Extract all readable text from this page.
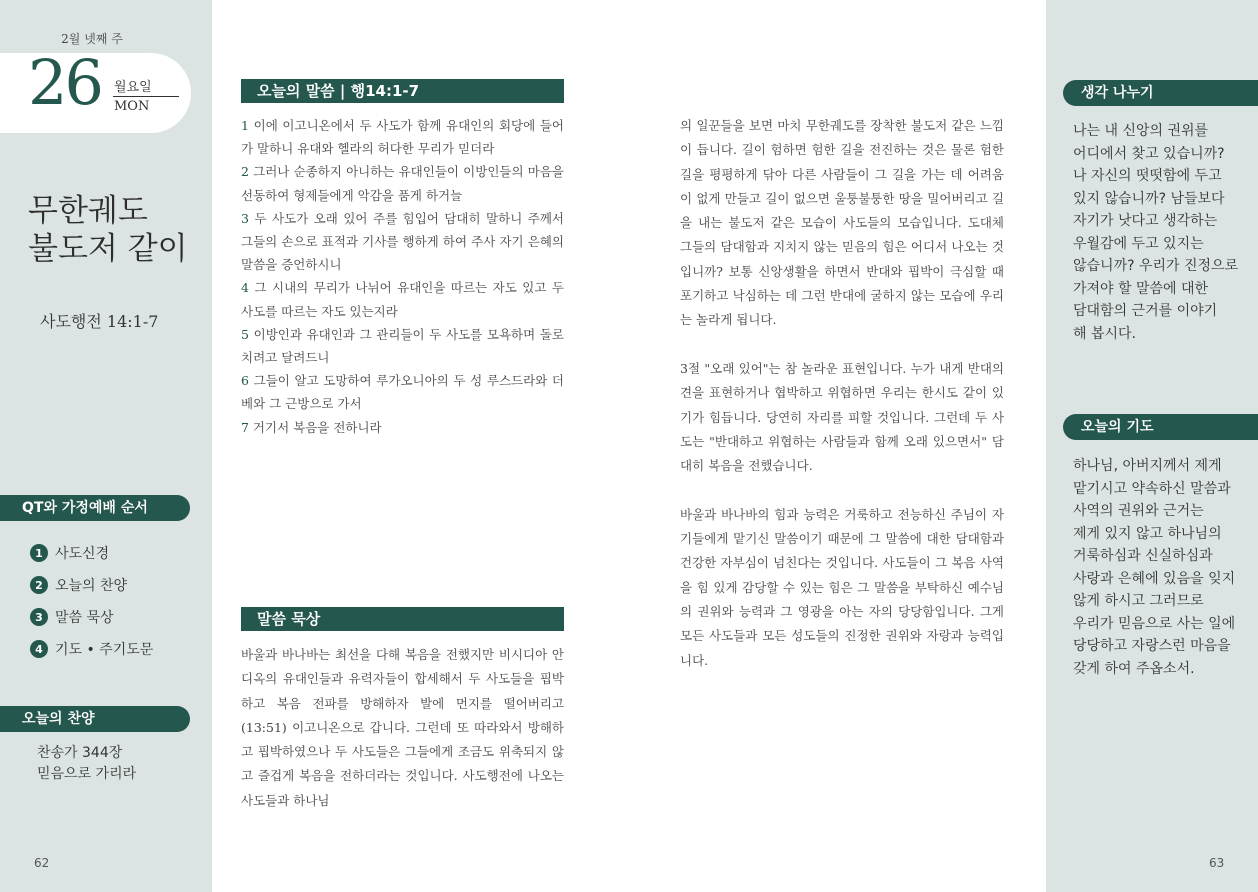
2월 넷째 주
26 월요일
MON
무한궤도
불도저 같이
사도행전 14:1-7
QT와 가정예배 순서
1 사도신경
2 오늘의 찬양
3 말씀 묵상
4 기도 • 주기도문
오늘의 찬양
찬송가 344장
믿음으로 가리라
62
오늘의 말씀 | 행14:1-7
1 이에 이고니온에서 두 사도가 함께 유대인의 회당에 들어가 말하니 유대와 헬라의 허다한 무리가 믿더라
2 그러나 순종하지 아니하는 유대인들이 이방인들의 마음을 선동하여 형제들에게 악감을 품게 하거늘
3 두 사도가 오래 있어 주를 힘입어 담대히 말하니 주께서 그들의 손으로 표적과 기사를 행하게 하여 주사 자기 은혜의 말씀을 증언하시니
4 그 시내의 무리가 나뉘어 유대인을 따르는 자도 있고 두 사도를 따르는 자도 있는지라
5 이방인과 유대인과 그 관리들이 두 사도를 모욕하며 돌로 치려고 달려드니
6 그들이 알고 도망하여 루가오니아의 두 성 루스드라와 더베와 그 근방으로 가서
7 거기서 복음을 전하니라
말씀 묵상
바울과 바나바는 최선을 다해 복음을 전했지만 비시디아 안디옥의 유대인들과 유력자들이 합세해서 두 사도들을 핍박하고 복음 전파를 방해하자 발에 먼지를 떨어버리고(13:51) 이고니온으로 갑니다. 그런데 또 따라와서 방해하고 핍박하였으나 두 사도들은 그들에게 조금도 위축되지 않고 즐겁게 복음을 전하더라는 것입니다. 사도행전에 나오는 사도들과 하나님

의 일꾼들을 보면 마치 무한궤도를 장착한 불도저 같은 느낌이 듭니다. 길이 험하면 험한 길을 전진하는 것은 물론 험한 길을 평평하게 닦아 다른 사람들이 그 길을 가는 데 어려움이 없게 만들고 길이 없으면 울퉁불퉁한 땅을 밀어버리고 길을 내는 불도저 같은 모습이 사도들의 모습입니다. 도대체 그들의 담대함과 지치지 않는 믿음의 힘은 어디서 나오는 것입니까? 보통 신앙생활을 하면서 반대와 핍박이 극심할 때 포기하고 낙심하는 데 그런 반대에 굴하지 않는 모습에 우리는 놀라게 됩니다.

3절 "오래 있어"는 참 놀라운 표현입니다. 누가 내게 반대의견을 표현하거나 협박하고 위협하면 우리는 한시도 같이 있기가 힘듭니다. 당연히 자리를 피할 것입니다. 그런데 두 사도는 "반대하고 위협하는 사람들과 함께 오래 있으면서" 담대히 복음을 전했습니다.

바울과 바나바의 힘과 능력은 거룩하고 전능하신 주님이 자기들에게 맡기신 말씀이기 때문에 그 말씀에 대한 담대함과 건강한 자부심이 넘친다는 것입니다. 사도들이 그 복음 사역을 힘 있게 감당할 수 있는 힘은 그 말씀을 부탁하신 예수님의 권위와 능력과 그 영광을 아는 자의 당당함입니다. 그게 모든 사도들과 모든 성도들의 진정한 권위와 자랑과 능력입니다.

생각 나누기
나는 내 신앙의 권위를
어디에서 찾고 있습니까?
나 자신의 떳떳함에 두고
있지 않습니까? 남들보다
자기가 낫다고 생각하는
우월감에 두고 있지는
않습니까? 우리가 진정으로
가져야 할 말씀에 대한
담대함의 근거를 이야기
해 봅시다.
오늘의 기도
하나님, 아버지께서 제게
맡기시고 약속하신 말씀과
사역의 권위와 근거는
제게 있지 않고 하나님의
거룩하심과 신실하심과
사랑과 은혜에 있음을 잊지
않게 하시고 그러므로
우리가 믿음으로 사는 일에
당당하고 자랑스런 마음을
갖게 하여 주옵소서.
63
